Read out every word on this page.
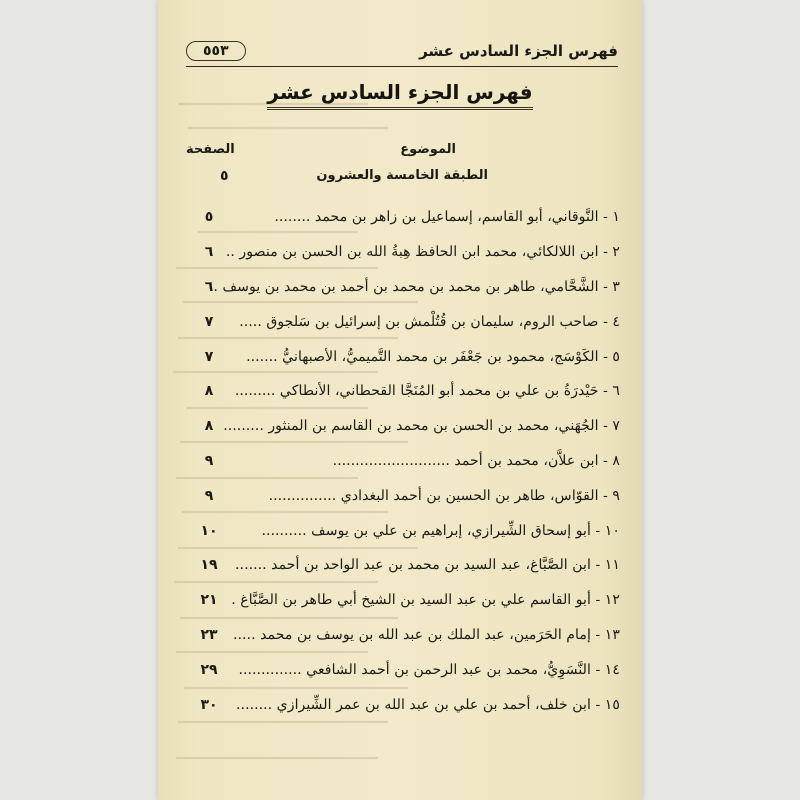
فهرس الجزء السادس عشر
٥٥٣
فهرس الجزء السادس عشر
الموضوع
الصفحة
الطبقة الخامسة والعشرون
٥
١ - النَّوقاني، أبو القاسم، إسماعيل بن زاهر بن محمد ........
٥
٢ - ابن اللالكائي، محمد ابن الحافظ هِبةُ الله بن الحسن بن منصور ..
٦
٣ - الشَّحَّامي، طاهر بن محمد بن محمد بن أحمد بن محمد بن يوسف .
٦
٤ - صاحب الروم، سليمان بن قُتُلْمش بن إسرائيل بن سَلجوق .....
٧
٥ - الكَوْسَج، محمود بن جَعْفَر بن محمد التَّميميُّ، الأصبهانيُّ .......
٧
٦ - حَيْدرَةُ بن علي بن محمد أبو المُنَجَّا القحطاني، الأنطاكي .........
٨
٧ - الجُهَني، محمد بن الحسن بن محمد بن القاسم بن المنثور .........
٨
٨ - ابن علاَّن، محمد بن أحمد ..........................
٩
٩ - القوّاس، طاهر بن الحسين بن أحمد البغدادي ...............
٩
١٠ - أبو إسحاق الشِّيرازي، إبراهيم بن علي بن يوسف ..........
١٠
١١ - ابن الصَّبَّاغ، عبد السيد بن محمد بن عبد الواحد بن أحمد .......
١٩
١٢ - أبو القاسم علي بن عبد السيد بن الشيخ أبي طاهر بن الصَّبَّاغ .
٢١
١٣ - إمام الحَرَمين، عبد الملك بن عبد الله بن يوسف بن محمد .....
٢٣
١٤ - النَّسَوِيُّ، محمد بن عبد الرحمن بن أحمد الشافعي ..............
٢٩
١٥ - ابن خلف، أحمد بن علي بن عبد الله بن عمر الشِّيرازي ........
٣٠
